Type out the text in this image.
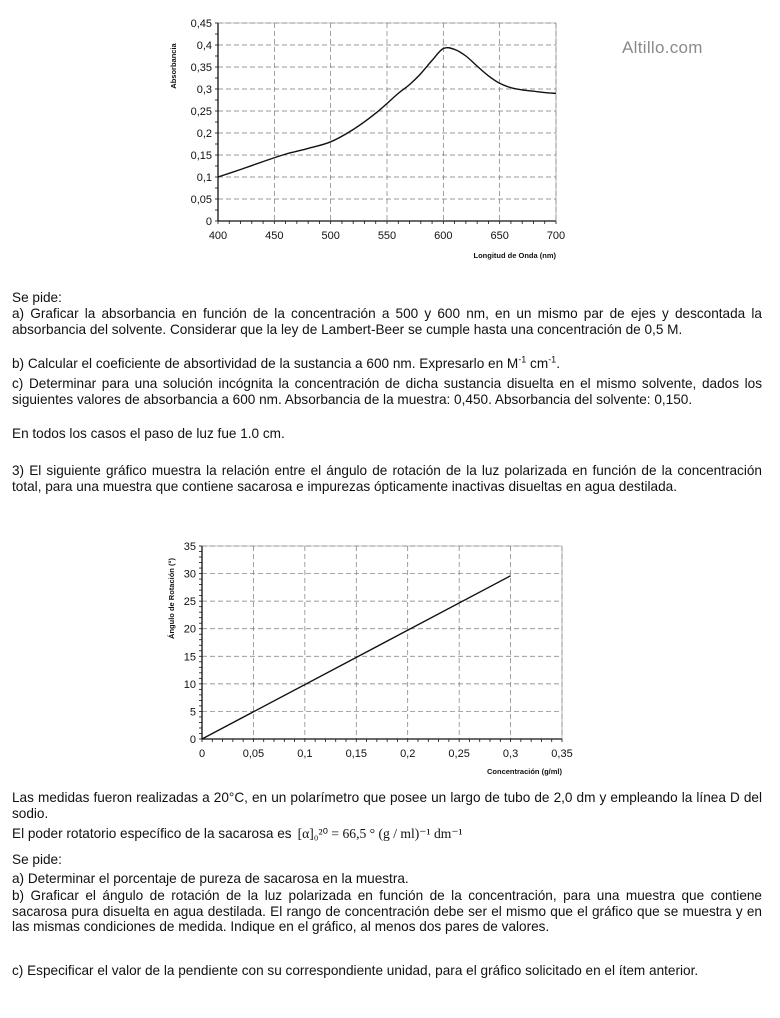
Altillo.com
400	450	500	550	600	650	700
0
0,05
0,1
0,15
0,2
0,25
0,3
0,35
0,4
0,45
Longitud de Onda (nm)
Absorbancia
Se pide:
a) Graficar la absorbancia en función de la concentración a 500 y 600 nm, en un mismo par de ejes y descontada la absorbancia del solvente. Considerar que la ley de Lambert-Beer se cumple hasta una concentración de 0,5 M.
b) Calcular el coeficiente de absortividad de la sustancia a 600 nm. Expresarlo en $M^{-1}$ $cm^{-1}$.
c) Determinar para una solución incógnita la concentración de dicha sustancia disuelta en el mismo solvente, dados los siguientes valores de absorbancia a 600 nm. Absorbancia de la muestra: 0,450. Absorbancia del solvente: 0,150.
En todos los casos el paso de luz fue 1.0 cm.
3) El siguiente gráfico muestra la relación entre el ángulo de rotación de la luz polarizada en función de la concentración total, para una muestra que contiene sacarosa e impurezas ópticamente inactivas disueltas en agua destilada.
0	0,05	0,1	0,15	0,2	0,25	0,3	0,35
0
5
10
15
20
25
30
35
Concentración (g/ml)
Ángulo de Rotación (°)
Las medidas fueron realizadas a 20°C, en un polarímetro que posee un largo de tubo de 2,0 dm y empleando la línea D del sodio.
El poder rotatorio específico de la sacarosa es [α]₀²⁰ = 66,5 ° (g / ml)⁻¹ dm⁻¹
Se pide:
a) Determinar el porcentaje de pureza de sacarosa en la muestra.
b) Graficar el ángulo de rotación de la luz polarizada en función de la concentración, para una muestra que contiene sacarosa pura disuelta en agua destilada. El rango de concentración debe ser el mismo que el gráfico que se muestra y en las mismas condiciones de medida. Indique en el gráfico, al menos dos pares de valores.
c) Especificar el valor de la pendiente con su correspondiente unidad, para el gráfico solicitado en el ítem anterior.
